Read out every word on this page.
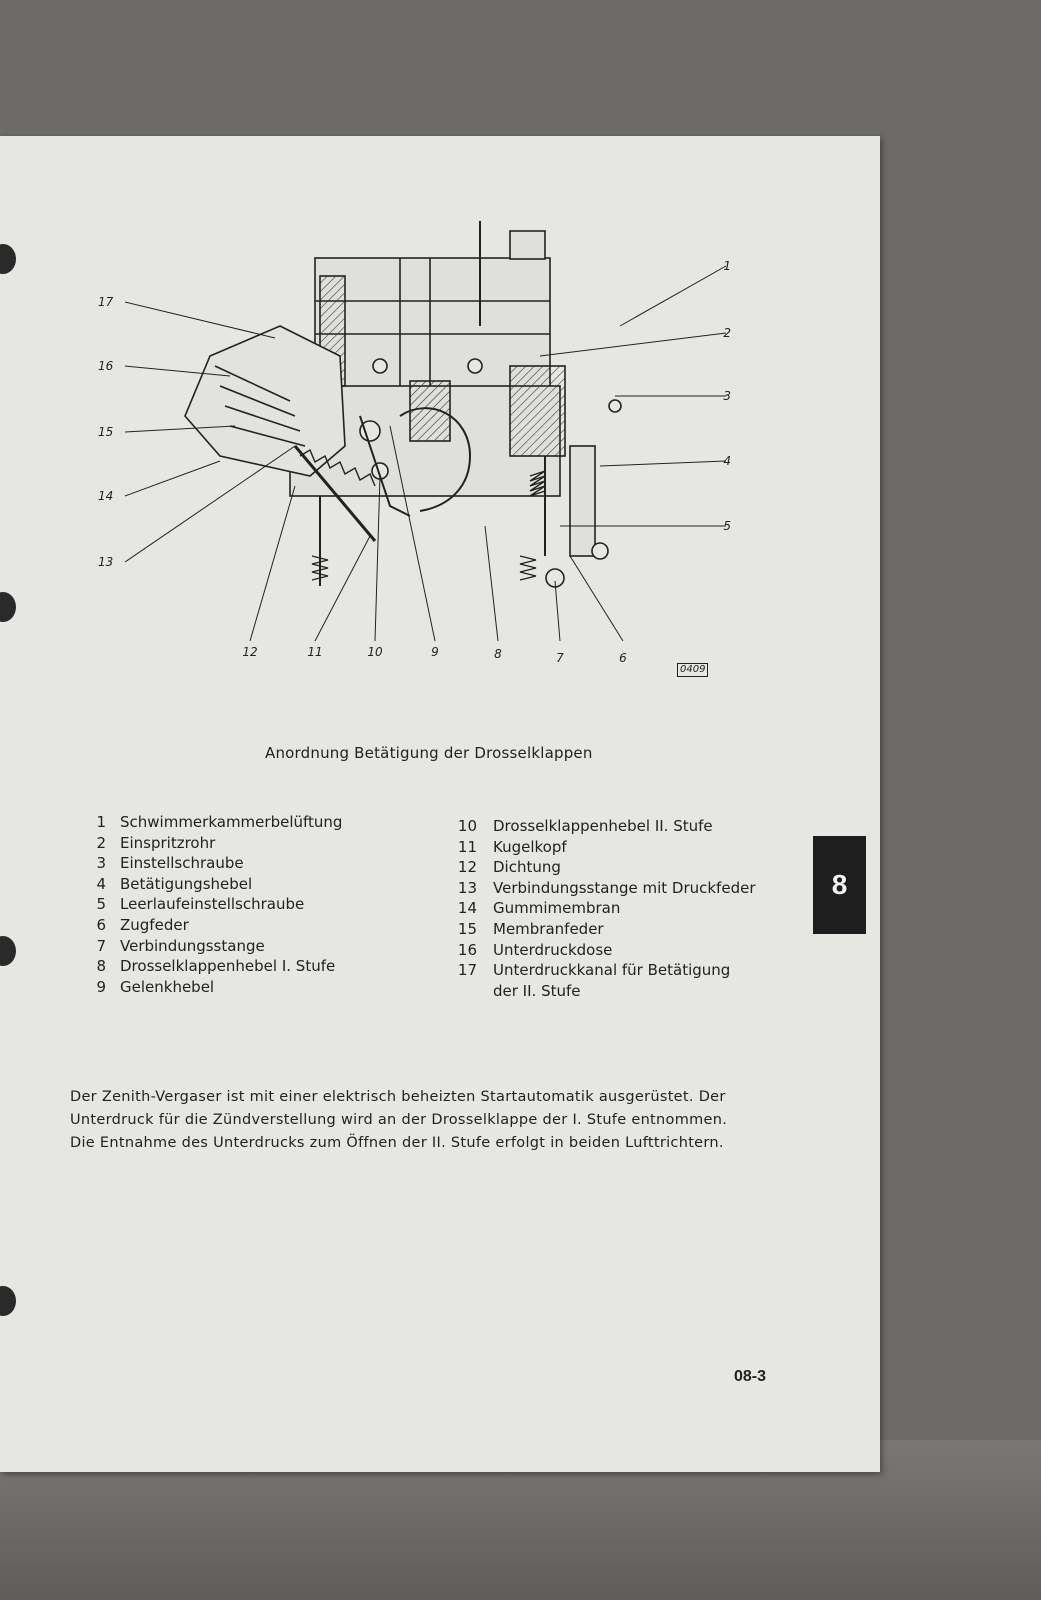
17
16
15
14
13
1
2
3
4
5
12	11	10	9	8	7	6
0409
Anordnung Betätigung der Drosselklappen
1 Schwimmerkammerbelüftung
2 Einspritzrohr
3 Einstellschraube
4 Betätigungshebel
5 Leerlaufeinstellschraube
6 Zugfeder
7 Verbindungsstange
8 Drosselklappenhebel I. Stufe
9 Gelenkhebel
10 Drosselklappenhebel II. Stufe
11 Kugelkopf
12 Dichtung
13 Verbindungsstange mit Druckfeder
14 Gummimembran
15 Membranfeder
16 Unterdruckdose
17 Unterdruckkanal für Betätigung
der II. Stufe
8
Der Zenith-Vergaser ist mit einer elektrisch beheizten Startautomatik ausgerüstet. Der Unterdruck für die Zündverstellung wird an der Drosselklappe der I. Stufe entnommen. Die Entnahme des Unterdrucks zum Öffnen der II. Stufe erfolgt in beiden Lufttrichtern.
08-3
